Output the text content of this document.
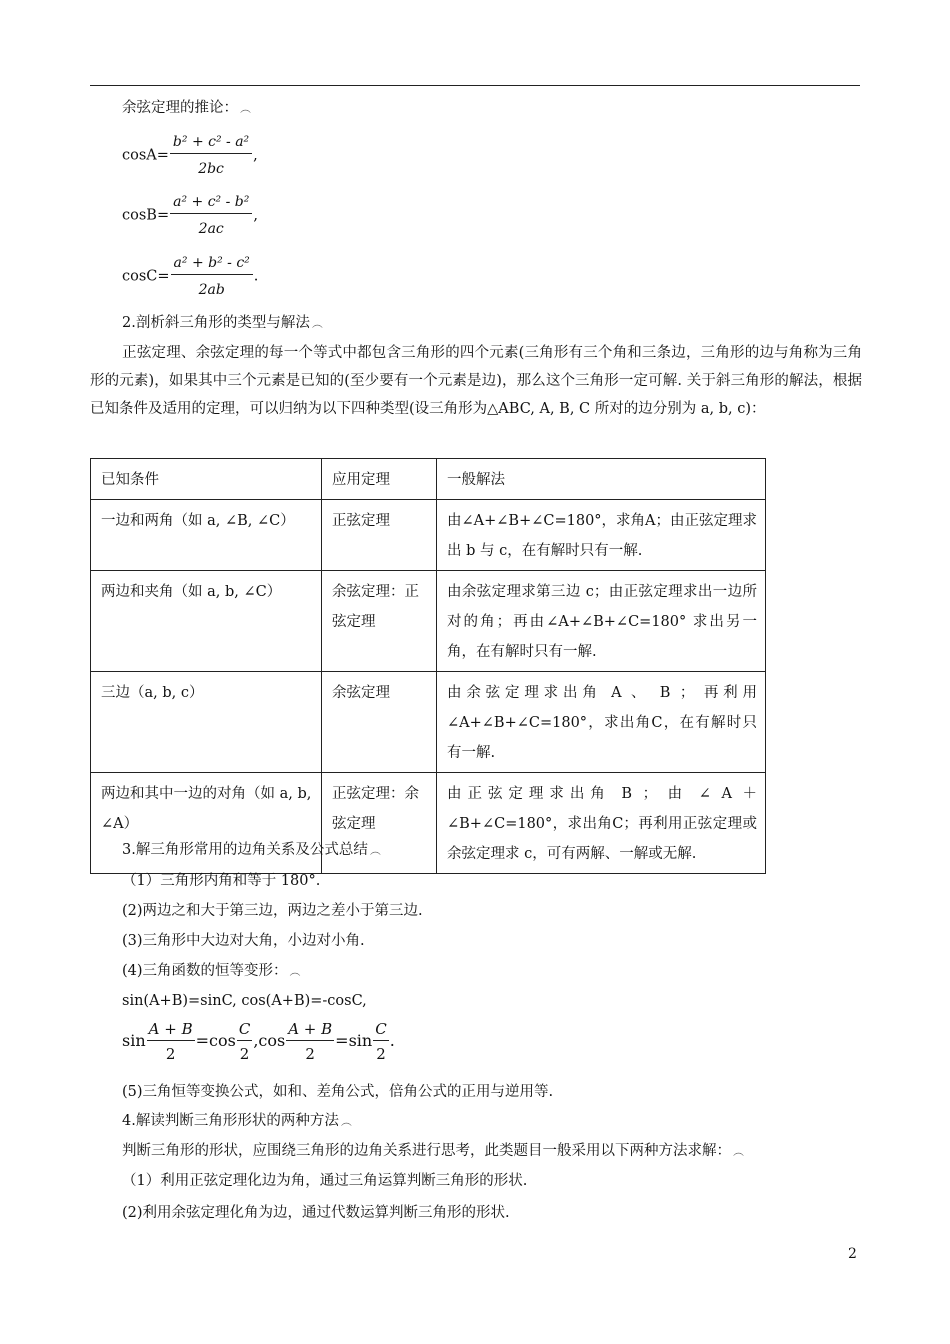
余弦定理的推论： ︵
$\cos A= \frac{\text{b² + c² - a²}}{2bc}$ ,
$\cos B= \frac{\text{a² + c² - b²}}{2ac}$ ,
$\cos C= \frac{\text{a² + b² - c²}}{2ab}$ .
2.剖析斜三角形的类型与解法 ︵
正弦定理、余弦定理的每一个等式中都包含三角形的四个元素(三角形有三个角和三条边，三角形的边与角称为三角形的元素)，如果其中三个元素是已知的(至少要有一个元素是边)，那么这个三角形一定可解. 关于斜三角形的解法，根据已知条件及适用的定理，可以归纳为以下四种类型(设三角形为△ABC, A, B, C 所对的边分别为 a, b, c)：
已知条件	应用定理	一般解法
一边和两角（如 a, ∠B, ∠C）	正弦定理	由∠A+∠B+∠C=180°，求角A；由正弦定理求出 b 与 c，在有解时只有一解.
两边和夹角（如 a, b, ∠C）	余弦定理：正弦定理	由余弦定理求第三边 c；由正弦定理求出一边所对的角；再由∠A+∠B+∠C=180° 求出另一角，在有解时只有一解.
三边（a, b, c）	余弦定理	由余弦定理求出角 A 、 B ； 再利用∠A+∠B+∠C=180°，求出角C，在有解时只有一解.
两边和其中一边的对角（如 a, b, ∠A）	正弦定理：余弦定理	由正弦定理求出角 B ； 由 ∠ A ＋ ∠B+∠C=180°，求出角C；再利用正弦定理或余弦定理求 c，可有两解、一解或无解.
3.解三角形常用的边角关系及公式总结 ︵
（1）三角形内角和等于 180°.
(2)两边之和大于第三边，两边之差小于第三边.
(3)三角形中大边对大角，小边对小角.
(4)三角函数的恒等变形： ︵
sin(A+B)=sinC, cos(A+B)=-cosC,
$\sin \frac{A + B}{2} =\cos \frac{C}{2} ,\cos \frac{A + B}{2} =\sin \frac{C}{2}$ .
(5)三角恒等变换公式，如和、差角公式，倍角公式的正用与逆用等.
4.解读判断三角形形状的两种方法 ︵
判断三角形的形状，应围绕三角形的边角关系进行思考，此类题目一般采用以下两种方法求解： ︵
（1）利用正弦定理化边为角，通过三角运算判断三角形的形状.
(2)利用余弦定理化角为边，通过代数运算判断三角形的形状.
2
